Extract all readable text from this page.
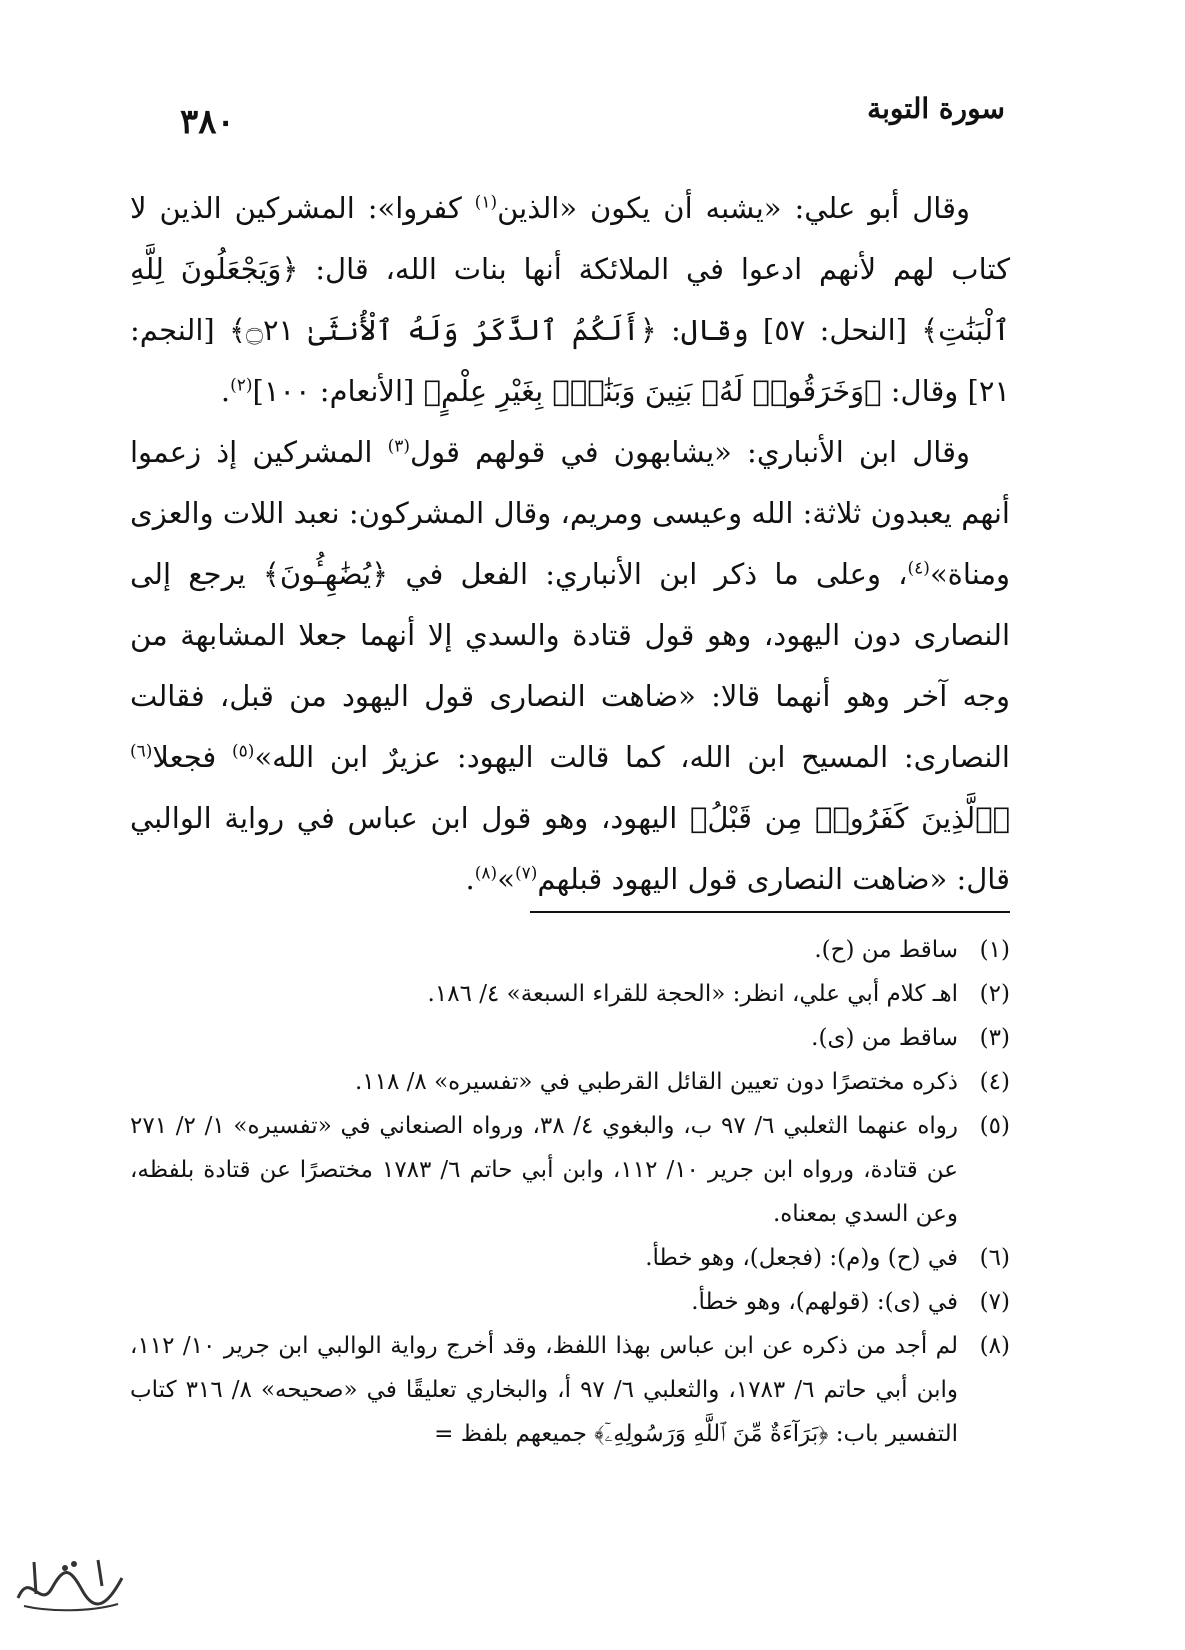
٣٨٠	سورة التوبة

وقال أبو علي: «يشبه أن يكون «الذين$^{(١)}$ كفروا»: المشركين الذين لا كتاب لهم لأنهم ادعوا في الملائكة أنها بنات الله، قال: ﴿وَيَجْعَلُونَ لِلَّهِ ٱلْبَنَٰتِ﴾ [النحل: ٥٧] وقال: ﴿أَلَكُمُ ٱلذَّكَرُ وَلَهُ ٱلْأُنثَىٰ ۝٢١﴾ [النجم: ٢١] وقال: ﴿وَخَرَقُوا۟ لَهُۥ بَنِينَ وَبَنَٰتٍۭ بِغَيْرِ عِلْمٍ﴾ [الأنعام: ١٠٠]$^{(٢)}$.

وقال ابن الأنباري: «يشابهون في قولهم قول$^{(٣)}$ المشركين إذ زعموا أنهم يعبدون ثلاثة: الله وعيسى ومريم، وقال المشركون: نعبد اللات والعزى ومناة»$^{(٤)}$، وعلى ما ذكر ابن الأنباري: الفعل في ﴿يُضَٰهِـُٔونَ﴾ يرجع إلى النصارى دون اليهود، وهو قول قتادة والسدي إلا أنهما جعلا المشابهة من وجه آخر وهو أنهما قالا: «ضاهت النصارى قول اليهود من قبل، فقالت النصارى: المسيح ابن الله، كما قالت اليهود: عزيرٌ ابن الله»$^{(٥)}$ فجعلا$^{(٦)}$ ﴿ٱلَّذِينَ كَفَرُوا۟ مِن قَبْلُ﴾ اليهود، وهو قول ابن عباس في رواية الوالبي قال: «ضاهت النصارى قول اليهود قبلهم$^{(٧)}$»$^{(٨)}$.

(١)
ساقط من (ح).
(٢)
اهـ كلام أبي علي، انظر: «الحجة للقراء السبعة» ٤/ ١٨٦.
(٣)
ساقط من (ى).
(٤)
ذكره مختصرًا دون تعيين القائل القرطبي في «تفسيره» ٨/ ١١٨.
(٥)
رواه عنهما الثعلبي ٦/ ٩٧ ب، والبغوي ٤/ ٣٨، ورواه الصنعاني في «تفسيره» ١/ ٢/ ٢٧١ عن قتادة، ورواه ابن جرير ١٠/ ١١٢، وابن أبي حاتم ٦/ ١٧٨٣ مختصرًا عن قتادة بلفظه، وعن السدي بمعناه.
(٦)
في (ح) و(م): (فجعل)، وهو خطأ.
(٧)
في (ى): (قولهم)، وهو خطأ.
(٨)
لم أجد من ذكره عن ابن عباس بهذا اللفظ، وقد أخرج رواية الوالبي ابن جرير ١٠/ ١١٢، وابن أبي حاتم ٦/ ١٧٨٣، والثعلبي ٦/ ٩٧ أ، والبخاري تعليقًا في «صحيحه» ٨/ ٣١٦ كتاب التفسير باب: ﴿بَرَآءَةٌ مِّنَ ٱللَّهِ وَرَسُولِهِۦٓ﴾ جميعهم بلفظ =
